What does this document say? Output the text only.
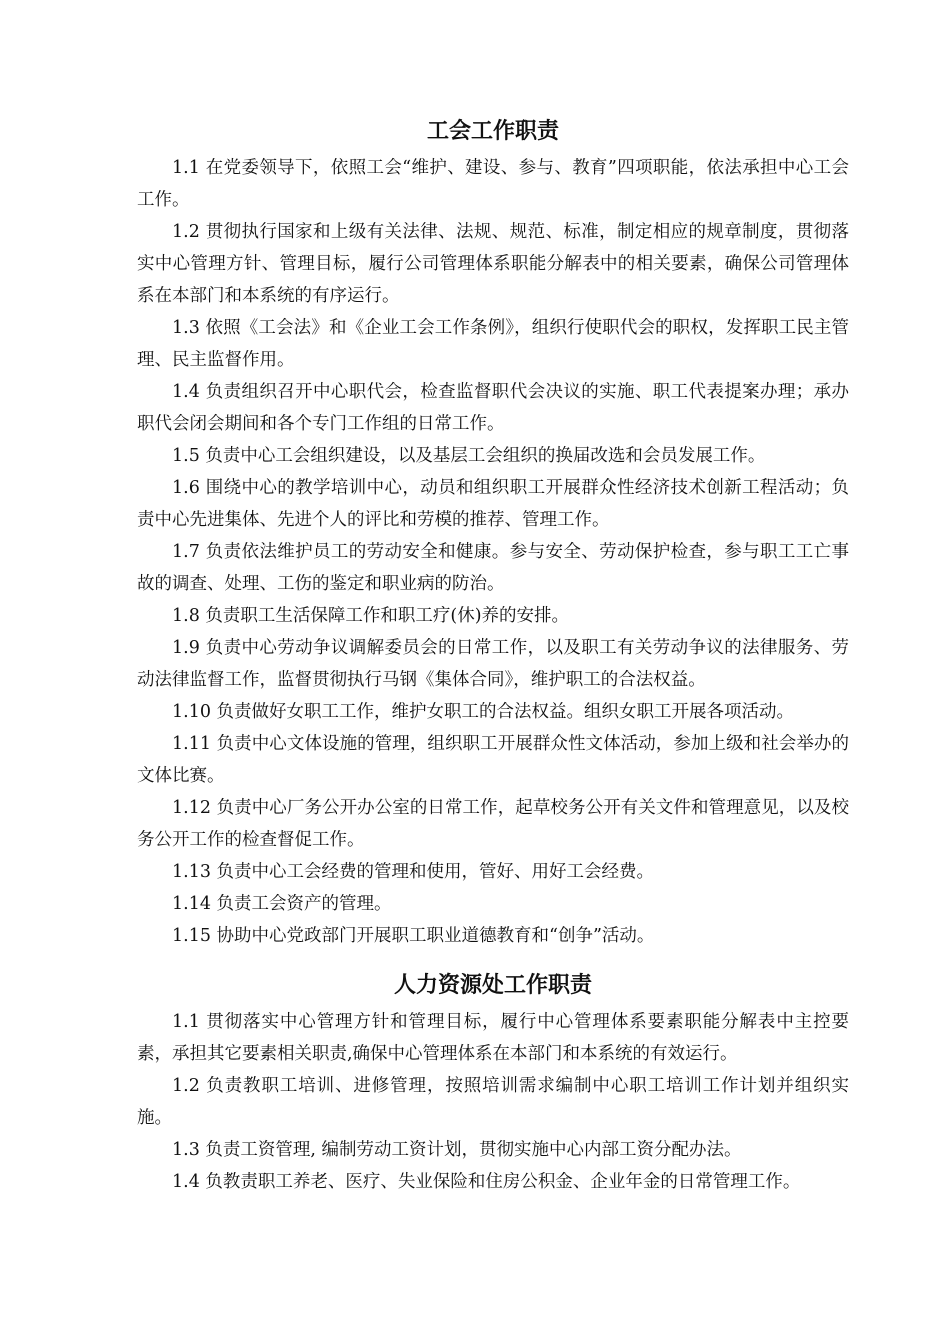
工会工作职责

1.1 在党委领导下，依照工会“维护、建设、参与、教育”四项职能，依法承担中心工会工作。

1.2 贯彻执行国家和上级有关法律、法规、规范、标准，制定相应的规章制度，贯彻落实中心管理方针、管理目标，履行公司管理体系职能分解表中的相关要素，确保公司管理体系在本部门和本系统的有序运行。

1.3 依照《工会法》和《企业工会工作条例》，组织行使职代会的职权，发挥职工民主管理、民主监督作用。

1.4 负责组织召开中心职代会，检查监督职代会决议的实施、职工代表提案办理；承办职代会闭会期间和各个专门工作组的日常工作。

1.5 负责中心工会组织建设，以及基层工会组织的换届改选和会员发展工作。

1.6 围绕中心的教学培训中心，动员和组织职工开展群众性经济技术创新工程活动；负责中心先进集体、先进个人的评比和劳模的推荐、管理工作。

1.7 负责依法维护员工的劳动安全和健康。参与安全、劳动保护检查，参与职工工亡事故的调查、处理、工伤的鉴定和职业病的防治。

1.8 负责职工生活保障工作和职工疗(休)养的安排。

1.9 负责中心劳动争议调解委员会的日常工作，以及职工有关劳动争议的法律服务、劳动法律监督工作，监督贯彻执行马钢《集体合同》，维护职工的合法权益。

1.10 负责做好女职工工作，维护女职工的合法权益。组织女职工开展各项活动。

1.11 负责中心文体设施的管理，组织职工开展群众性文体活动，参加上级和社会举办的文体比赛。

1.12 负责中心厂务公开办公室的日常工作，起草校务公开有关文件和管理意见，以及校务公开工作的检查督促工作。

1.13 负责中心工会经费的管理和使用，管好、用好工会经费。

1.14 负责工会资产的管理。

1.15 协助中心党政部门开展职工职业道德教育和“创争”活动。

人力资源处工作职责

1.1 贯彻落实中心管理方针和管理目标，履行中心管理体系要素职能分解表中主控要素，承担其它要素相关职责,确保中心管理体系在本部门和本系统的有效运行。

1.2 负责教职工培训、进修管理，按照培训需求编制中心职工培训工作计划并组织实施。

1.3 负责工资管理, 编制劳动工资计划，贯彻实施中心内部工资分配办法。

1.4 负教责职工养老、医疗、失业保险和住房公积金、企业年金的日常管理工作。
